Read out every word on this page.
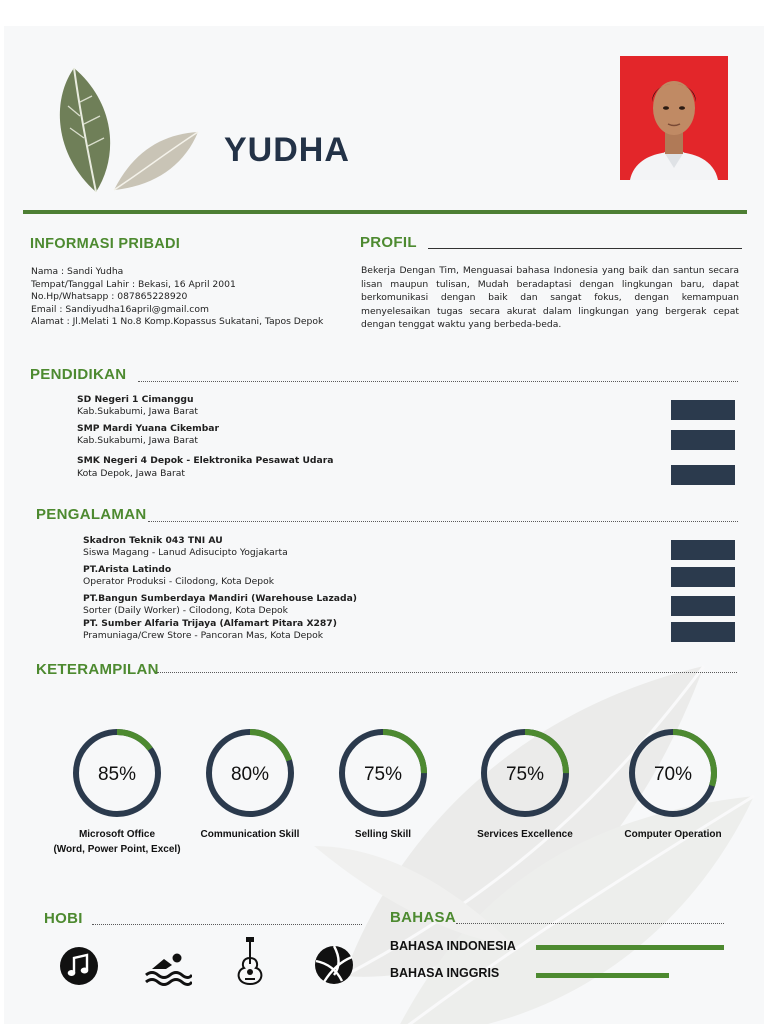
YUDHA
INFORMASI PRIBADI
Nama : Sandi Yudha
Tempat/Tanggal Lahir : Bekasi, 16 April 2001
No.Hp/Whatsapp : 087865228920
Email : Sandiyudha16april@gmail.com
Alamat : Jl.Melati 1 No.8 Komp.Kopassus Sukatani, Tapos Depok
PROFIL
Bekerja Dengan Tim, Menguasai bahasa Indonesia yang baik dan santun secara lisan maupun tulisan, Mudah beradaptasi dengan lingkungan baru, dapat berkomunikasi dengan baik dan sangat fokus, dengan kemampuan menyelesaikan tugas secara akurat dalam lingkungan yang bergerak cepat dengan tenggat waktu yang berbeda-beda.
PENDIDIKAN
SD Negeri 1 Cimanggu
Kab.Sukabumi, Jawa Barat
SMP Mardi Yuana Cikembar
Kab.Sukabumi, Jawa Barat
SMK Negeri 4 Depok - Elektronika Pesawat Udara
Kota Depok, Jawa Barat
PENGALAMAN
Skadron Teknik 043 TNI AU
Siswa Magang - Lanud Adisucipto Yogjakarta
PT.Arista Latindo
Operator Produksi - Cilodong, Kota Depok
PT.Bangun Sumberdaya Mandiri (Warehouse Lazada)
Sorter (Daily Worker) - Cilodong, Kota Depok
PT. Sumber Alfaria Trijaya (Alfamart Pitara X287)
Pramuniaga/Crew Store - Pancoran Mas, Kota Depok
KETERAMPILAN
85%	80%	75%	75%	70%
Microsoft Office
(Word, Power Point, Excel)
Communication Skill	Selling Skill	Services Excellence	Computer Operation
HOBI	BAHASA
BAHASA INDONESIA
BAHASA INGGRIS
